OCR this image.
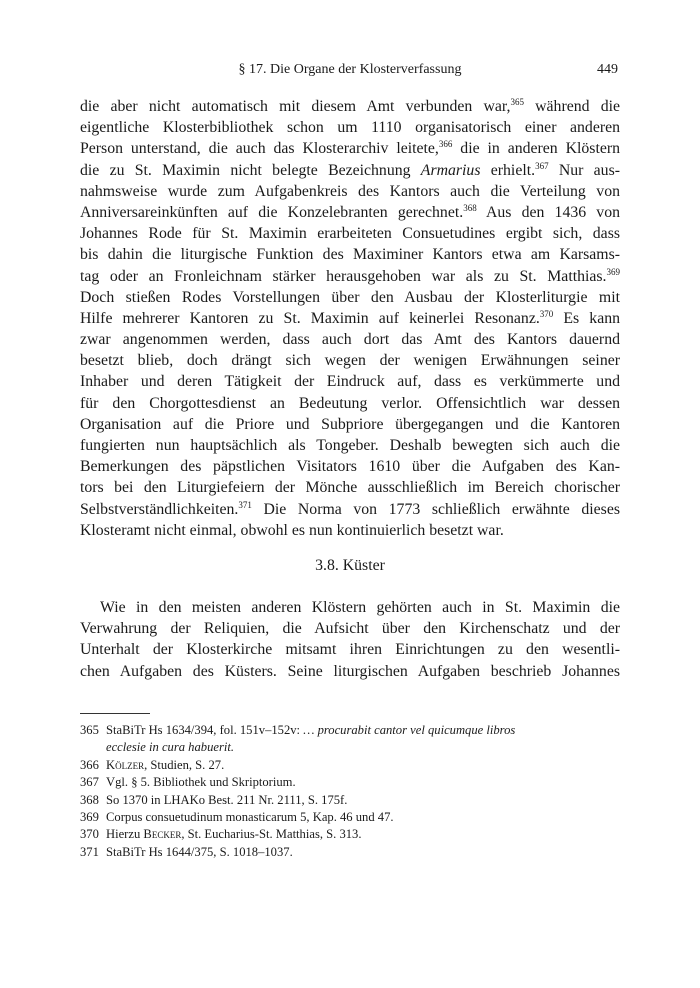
§ 17. Die Organe der Klosterverfassung	449
die aber nicht automatisch mit diesem Amt verbunden war,$^{365}$ während die
eigentliche Klosterbibliothek schon um 1110 organisatorisch einer anderen
Person unterstand, die auch das Klosterarchiv leitete,$^{366}$ die in anderen Klöstern
die zu St. Maximin nicht belegte Bezeichnung Armarius erhielt.$^{367}$ Nur aus-
nahmsweise wurde zum Aufgabenkreis des Kantors auch die Verteilung von
Anniversareinkünften auf die Konzelebranten gerechnet.$^{368}$ Aus den 1436 von
Johannes Rode für St. Maximin erarbeiteten Consuetudines ergibt sich, dass
bis dahin die liturgische Funktion des Maximiner Kantors etwa am Karsams-
tag oder an Fronleichnam stärker herausgehoben war als zu St. Matthias.$^{369}$
Doch stießen Rodes Vorstellungen über den Ausbau der Klosterliturgie mit
Hilfe mehrerer Kantoren zu St. Maximin auf keinerlei Resonanz.$^{370}$ Es kann
zwar angenommen werden, dass auch dort das Amt des Kantors dauernd
besetzt blieb, doch drängt sich wegen der wenigen Erwähnungen seiner
Inhaber und deren Tätigkeit der Eindruck auf, dass es verkümmerte und
für den Chorgottesdienst an Bedeutung verlor. Offensichtlich war dessen
Organisation auf die Priore und Subpriore übergegangen und die Kantoren
fungierten nun hauptsächlich als Tongeber. Deshalb bewegten sich auch die
Bemerkungen des päpstlichen Visitators 1610 über die Aufgaben des Kan-
tors bei den Liturgiefeiern der Mönche ausschließlich im Bereich chorischer
Selbstverständlichkeiten.$^{371}$ Die Norma von 1773 schließlich erwähnte dieses
Klosteramt nicht einmal, obwohl es nun kontinuierlich besetzt war.
3.8. Küster
Wie in den meisten anderen Klöstern gehörten auch in St. Maximin die
Verwahrung der Reliquien, die Aufsicht über den Kirchenschatz und der
Unterhalt der Klosterkirche mitsamt ihren Einrichtungen zu den wesentli-
chen Aufgaben des Küsters. Seine liturgischen Aufgaben beschrieb Johannes
365 StaBiTr Hs 1634/394, fol. 151v–152v: … procurabit cantor vel quicumque libros
ecclesie in cura habuerit.
366 Kölzer, Studien, S. 27.
367 Vgl. § 5. Bibliothek und Skriptorium.
368 So 1370 in LHAKo Best. 211 Nr. 2111, S. 175f.
369 Corpus consuetudinum monasticarum 5, Kap. 46 und 47.
370 Hierzu Becker, St. Eucharius-St. Matthias, S. 313.
371 StaBiTr Hs 1644/375, S. 1018–1037.
